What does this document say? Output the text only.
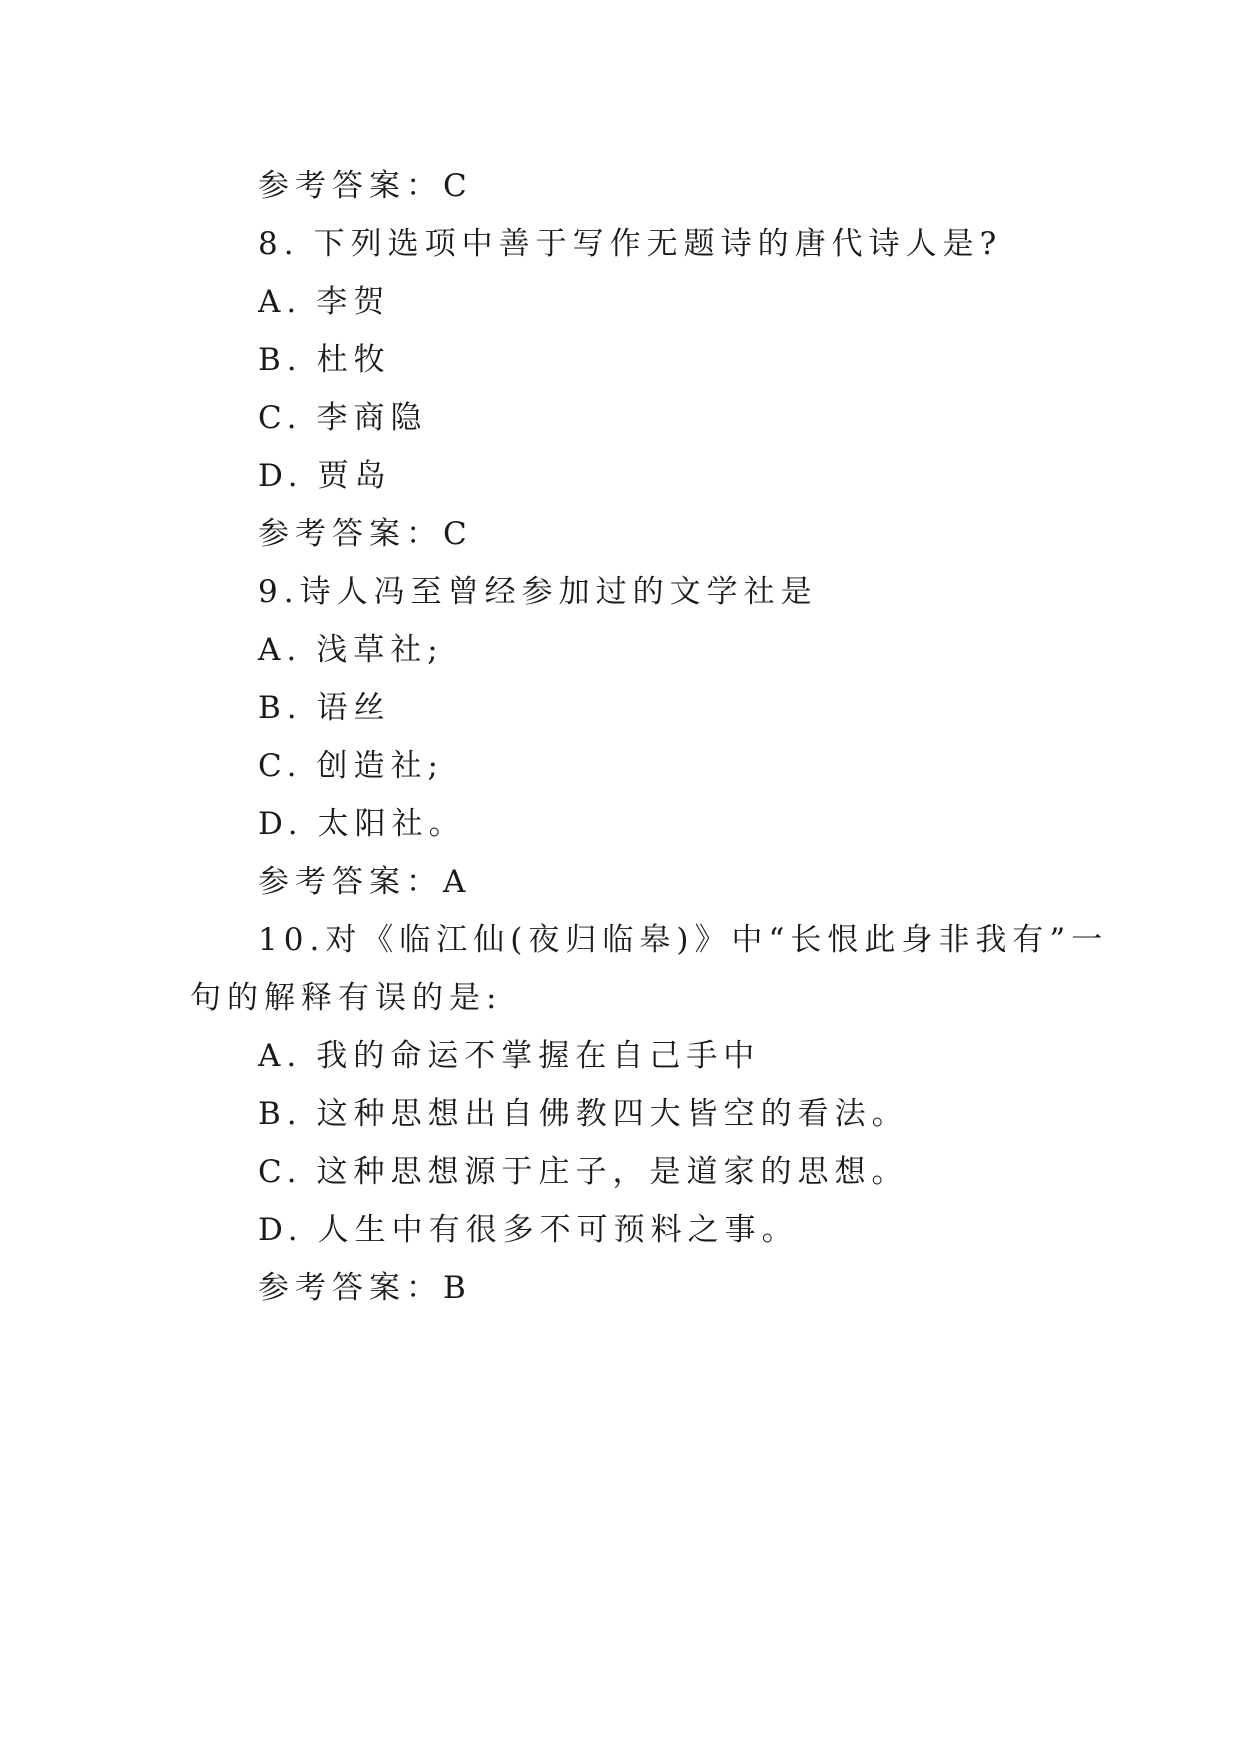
参考答案：C
8. 下列选项中善于写作无题诗的唐代诗人是?
A. 李贺
B. 杜牧
C. 李商隐
D. 贾岛
参考答案：C
9.诗人冯至曾经参加过的文学社是
A. 浅草社;
B. 语丝
C. 创造社;
D. 太阳社。
参考答案：A
10.对《临江仙(夜归临皋)》中“长恨此身非我有”一
句的解释有误的是:
A. 我的命运不掌握在自己手中
B. 这种思想出自佛教四大皆空的看法。
C. 这种思想源于庄子，是道家的思想。
D. 人生中有很多不可预料之事。
参考答案：B
